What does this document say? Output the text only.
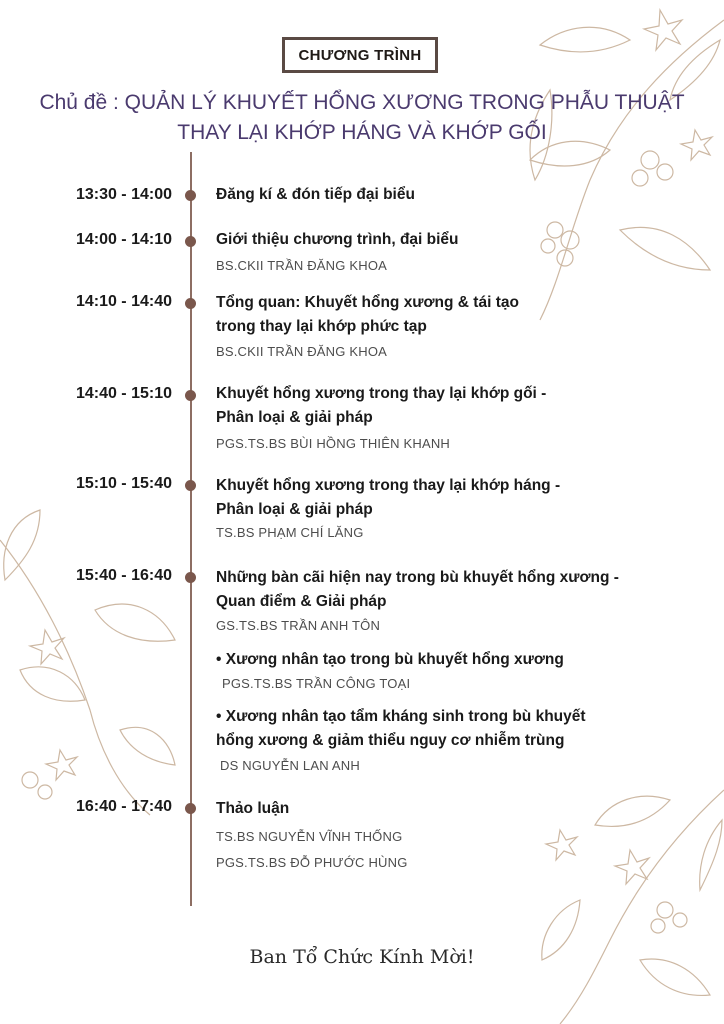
CHƯƠNG TRÌNH
Chủ đề : QUẢN LÝ KHUYẾT HỔNG XƯƠNG TRONG PHẪU THUẬT
THAY LẠI KHỚP HÁNG VÀ KHỚP GỐI
13:30 - 14:00	Đăng kí & đón tiếp đại biểu
14:00 - 14:10	Giới thiệu chương trình, đại biểu
BS.CKII TRẦN ĐĂNG KHOA
14:10 - 14:40	Tổng quan: Khuyết hổng xương & tái tạo
trong thay lại khớp phức tạp
BS.CKII TRẦN ĐĂNG KHOA
14:40 - 15:10	Khuyết hổng xương trong thay lại khớp gối -
Phân loại & giải pháp
PGS.TS.BS BÙI HỒNG THIÊN KHANH
15:10 - 15:40	Khuyết hổng xương trong thay lại khớp háng -
Phân loại & giải pháp
TS.BS PHẠM CHÍ LĂNG
15:40 - 16:40	Những bàn cãi hiện nay trong bù khuyết hổng xương -
Quan điểm & Giải pháp
GS.TS.BS TRẦN ANH TÔN
• Xương nhân tạo trong bù khuyết hổng xương
PGS.TS.BS TRẦN CÔNG TOẠI
• Xương nhân tạo tẩm kháng sinh trong bù khuyết
hổng xương & giảm thiểu nguy cơ nhiễm trùng
DS NGUYỄN LAN ANH
16:40 - 17:40	Thảo luận
TS.BS NGUYỄN VĨNH THỐNG
PGS.TS.BS ĐỖ PHƯỚC HÙNG
Ban Tổ Chức Kính Mời!
